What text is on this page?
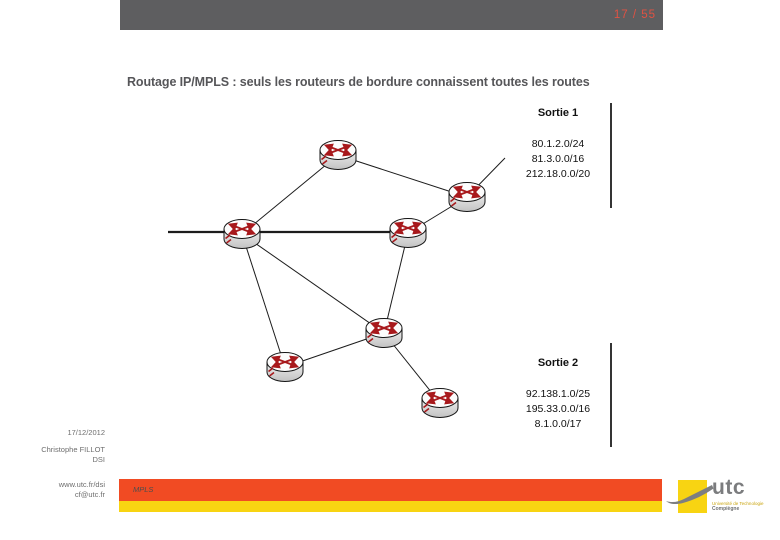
17 / 55
Routage IP/MPLS : seuls les routeurs de bordure connaissent toutes les routes
Sortie 1
80.1.2.0/24
81.3.0.0/16
212.18.0.0/20
Sortie 2
92.138.1.0/25
195.33.0.0/16
8.1.0.0/17
17/12/2012
Christophe FILLOT
DSI
www.utc.fr/dsi
cf@utc.fr	MPLS	utc
Université de Technologie
Compiègne
